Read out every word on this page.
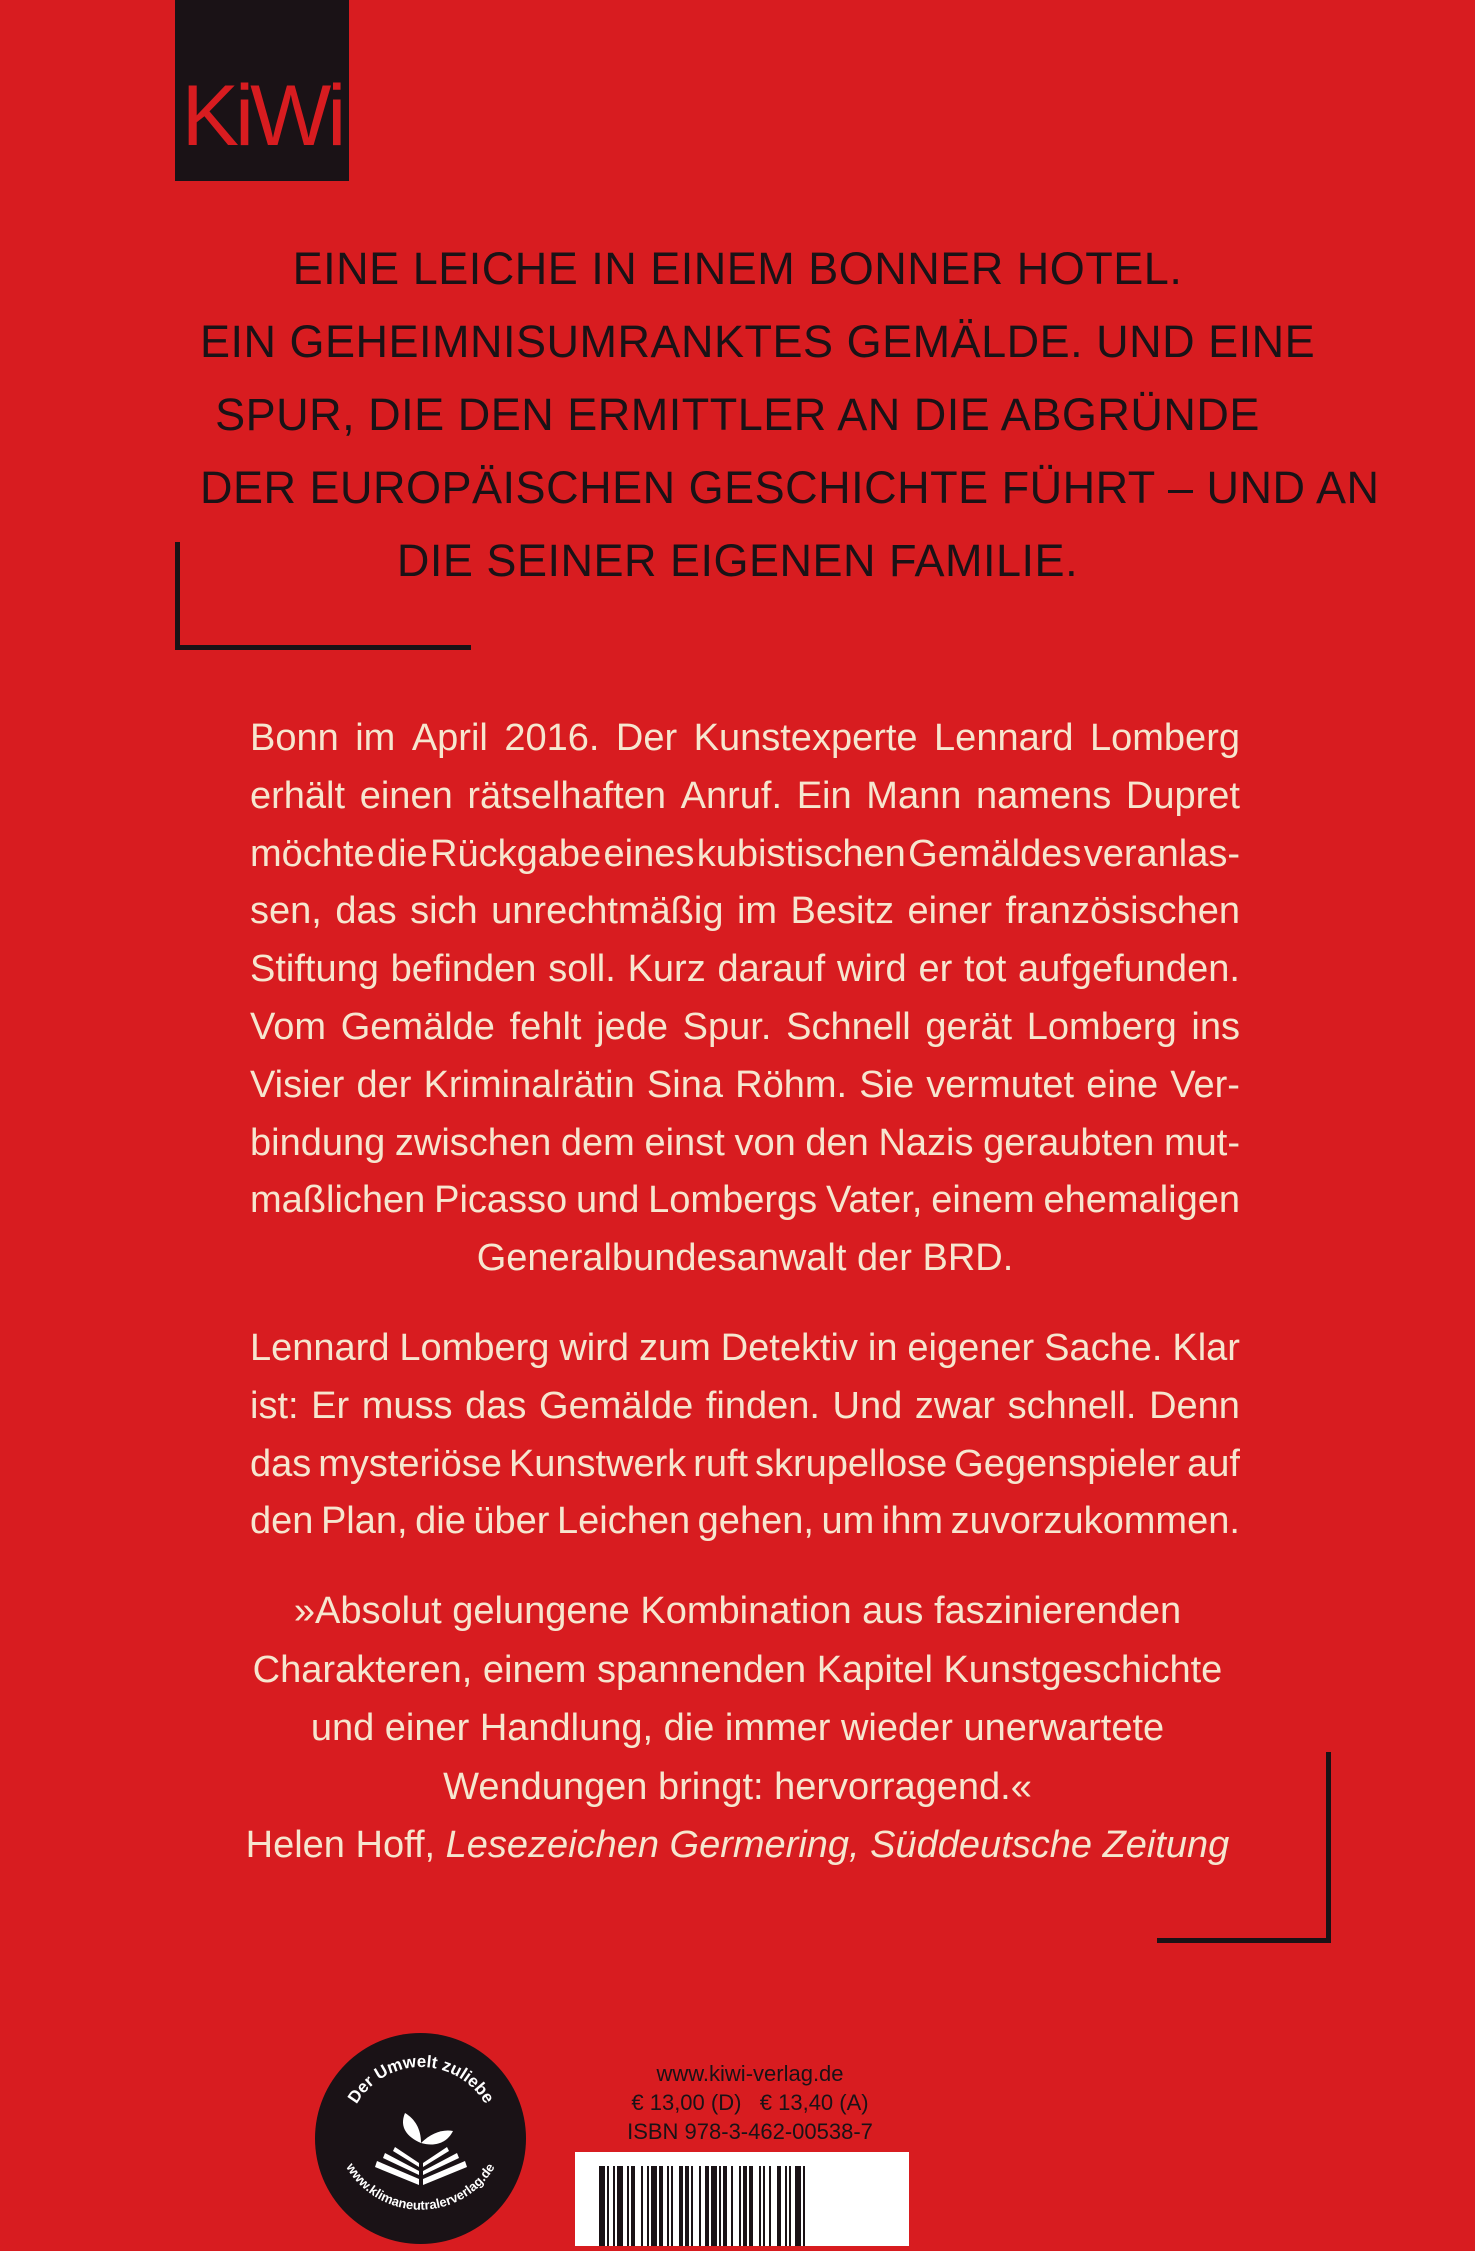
KiWi
EINE LEICHE IN EINEM BONNER HOTEL.
EIN GEHEIMNISUMRANKTES GEMÄLDE. UND EINE
SPUR, DIE DEN ERMITTLER AN DIE ABGRÜNDE
DER EUROPÄISCHEN GESCHICHTE FÜHRT – UND AN
DIE SEINER EIGENEN FAMILIE.
Bonn im April 2016. Der Kunstexperte Lennard Lomberg
erhält einen rätselhaften Anruf. Ein Mann namens Dupret
möchte die Rückgabe eines kubistischen Gemäldes veranlas-
sen, das sich unrechtmäßig im Besitz einer französischen
Stiftung befinden soll. Kurz darauf wird er tot aufgefunden.
Vom Gemälde fehlt jede Spur. Schnell gerät Lomberg ins
Visier der Kriminalrätin Sina Röhm. Sie vermutet eine Ver-
bindung zwischen dem einst von den Nazis geraubten mut-
maßlichen Picasso und Lombergs Vater, einem ehemaligen
Generalbundesanwalt der BRD.
Lennard Lomberg wird zum Detektiv in eigener Sache. Klar
ist: Er muss das Gemälde finden. Und zwar schnell. Denn
das mysteriöse Kunstwerk ruft skrupellose Gegenspieler auf
den Plan, die über Leichen gehen, um ihm zuvorzukommen.
»Absolut gelungene Kombination aus faszinierenden
Charakteren, einem spannenden Kapitel Kunstgeschichte
und einer Handlung, die immer wieder unerwartete
Wendungen bringt: hervorragend.«
Helen Hoff, Lesezeichen Germering, Süddeutsche Zeitung
Der Umwelt zuliebe
www.klimaneutralerverlag.de
www.kiwi-verlag.de
€ 13,00 (D)   € 13,40 (A)
ISBN 978-3-462-00538-7
